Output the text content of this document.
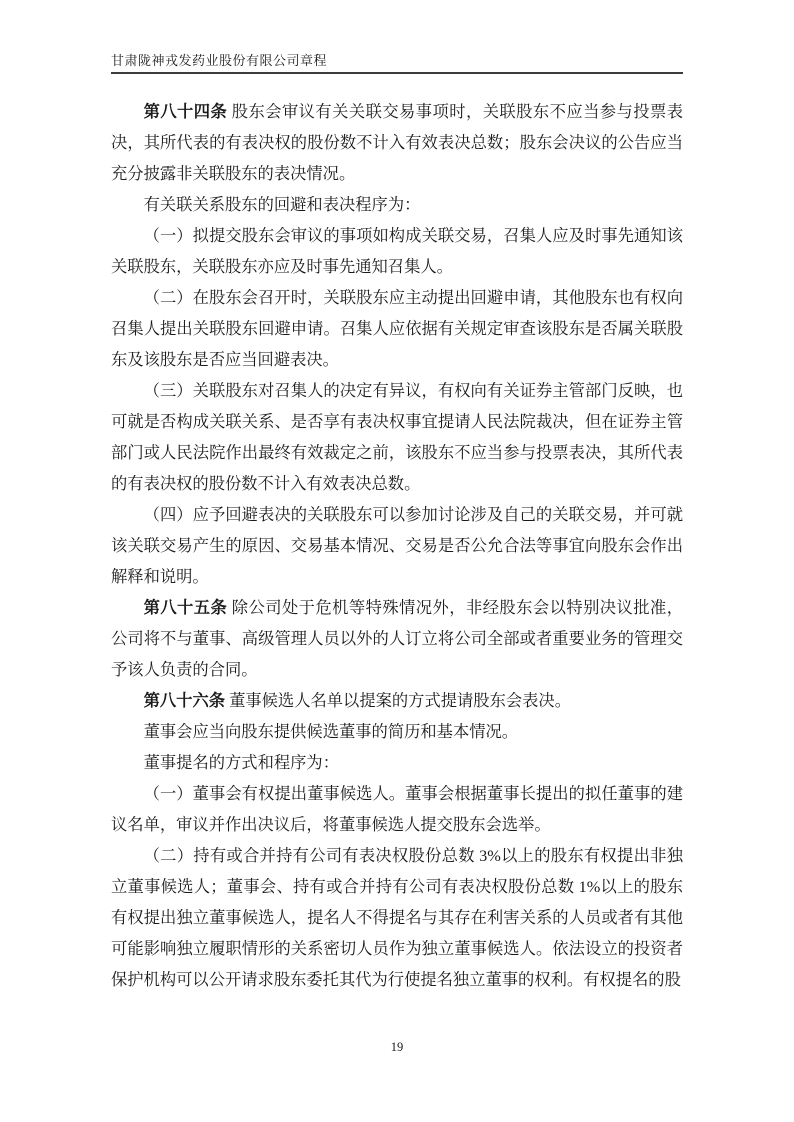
甘肃陇神戎发药业股份有限公司章程

第八十四条 股东会审议有关关联交易事项时，关联股东不应当参与投票表决，其所代表的有表决权的股份数不计入有效表决总数；股东会决议的公告应当充分披露非关联股东的表决情况。

有关联关系股东的回避和表决程序为：

（一）拟提交股东会审议的事项如构成关联交易，召集人应及时事先通知该关联股东，关联股东亦应及时事先通知召集人。

（二）在股东会召开时，关联股东应主动提出回避申请，其他股东也有权向召集人提出关联股东回避申请。召集人应依据有关规定审查该股东是否属关联股东及该股东是否应当回避表决。

（三）关联股东对召集人的决定有异议，有权向有关证券主管部门反映，也可就是否构成关联关系、是否享有表决权事宜提请人民法院裁决，但在证券主管部门或人民法院作出最终有效裁定之前，该股东不应当参与投票表决，其所代表的有表决权的股份数不计入有效表决总数。

（四）应予回避表决的关联股东可以参加讨论涉及自己的关联交易，并可就该关联交易产生的原因、交易基本情况、交易是否公允合法等事宜向股东会作出解释和说明。

第八十五条 除公司处于危机等特殊情况外，非经股东会以特别决议批准，公司将不与董事、高级管理人员以外的人订立将公司全部或者重要业务的管理交予该人负责的合同。

第八十六条 董事候选人名单以提案的方式提请股东会表决。

董事会应当向股东提供候选董事的简历和基本情况。

董事提名的方式和程序为：

（一）董事会有权提出董事候选人。董事会根据董事长提出的拟任董事的建议名单，审议并作出决议后，将董事候选人提交股东会选举。

（二）持有或合并持有公司有表决权股份总数 3%以上的股东有权提出非独立董事候选人；董事会、持有或合并持有公司有表决权股份总数 1%以上的股东有权提出独立董事候选人，提名人不得提名与其存在利害关系的人员或者有其他可能影响独立履职情形的关系密切人员作为独立董事候选人。依法设立的投资者保护机构可以公开请求股东委托其代为行使提名独立董事的权利。有权提名的股

19
